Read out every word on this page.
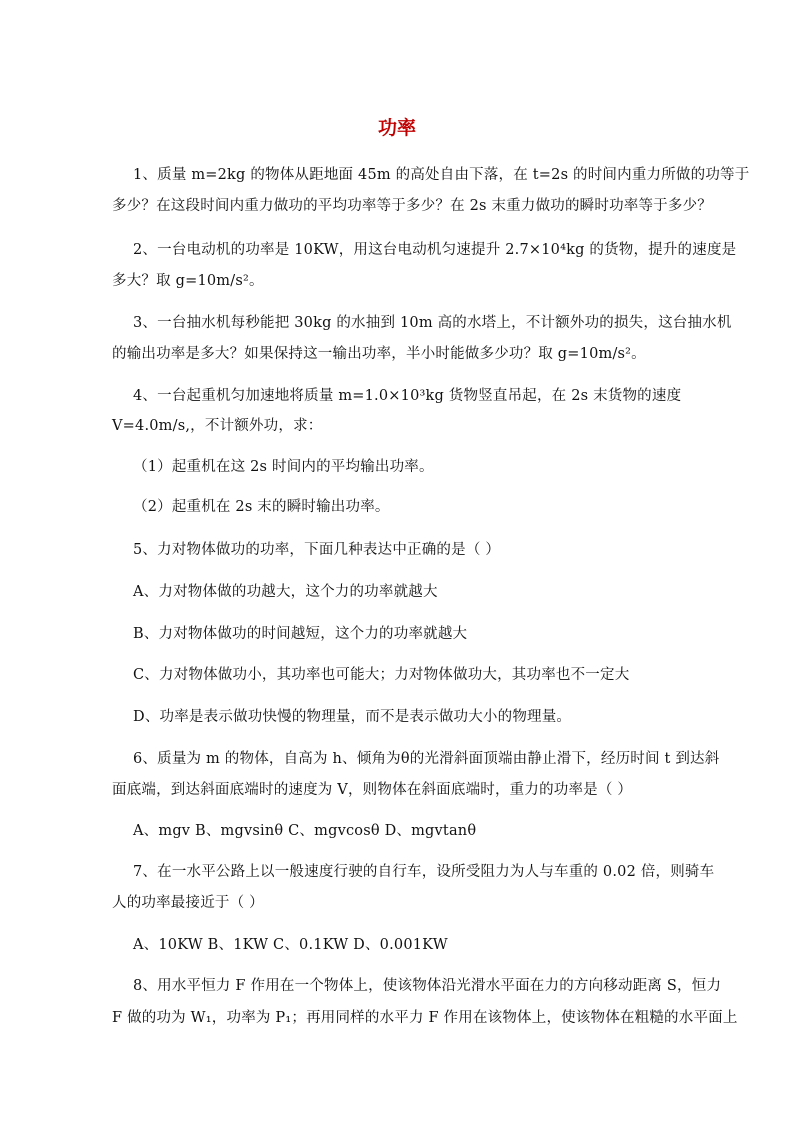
功率
1、质量 m=2kg 的物体从距地面 45m 的高处自由下落，在 t=2s 的时间内重力所做的功等于
多少？在这段时间内重力做功的平均功率等于多少？在 2s 末重力做功的瞬时功率等于多少？
2、一台电动机的功率是 10KW，用这台电动机匀速提升 2.7×10⁴kg 的货物，提升的速度是
多大？取 g=10m/s²。
3、一台抽水机每秒能把 30kg 的水抽到 10m 高的水塔上，不计额外功的损失，这台抽水机
的输出功率是多大？如果保持这一输出功率，半小时能做多少功？取 g=10m/s²。
4、一台起重机匀加速地将质量 m=1.0×10³kg 货物竖直吊起，在 2s 末货物的速度
V=4.0m/s,，不计额外功，求：
（1）起重机在这 2s 时间内的平均输出功率。
（2）起重机在 2s 末的瞬时输出功率。
5、力对物体做功的功率，下面几种表达中正确的是（ ）
A、力对物体做的功越大，这个力的功率就越大
B、力对物体做功的时间越短，这个力的功率就越大
C、力对物体做功小，其功率也可能大；力对物体做功大，其功率也不一定大
D、功率是表示做功快慢的物理量，而不是表示做功大小的物理量。
6、质量为 m 的物体，自高为 h、倾角为θ的光滑斜面顶端由静止滑下，经历时间 t 到达斜
面底端，到达斜面底端时的速度为 V，则物体在斜面底端时，重力的功率是（ ）
A、mgv B、mgvsinθ C、mgvcosθ D、mgvtanθ
7、在一水平公路上以一般速度行驶的自行车，设所受阻力为人与车重的 0.02 倍，则骑车
人的功率最接近于（ ）
A、10KW B、1KW C、0.1KW D、0.001KW
8、用水平恒力 F 作用在一个物体上，使该物体沿光滑水平面在力的方向移动距离 S，恒力
F 做的功为 W₁，功率为 P₁；再用同样的水平力 F 作用在该物体上，使该物体在粗糙的水平面上
